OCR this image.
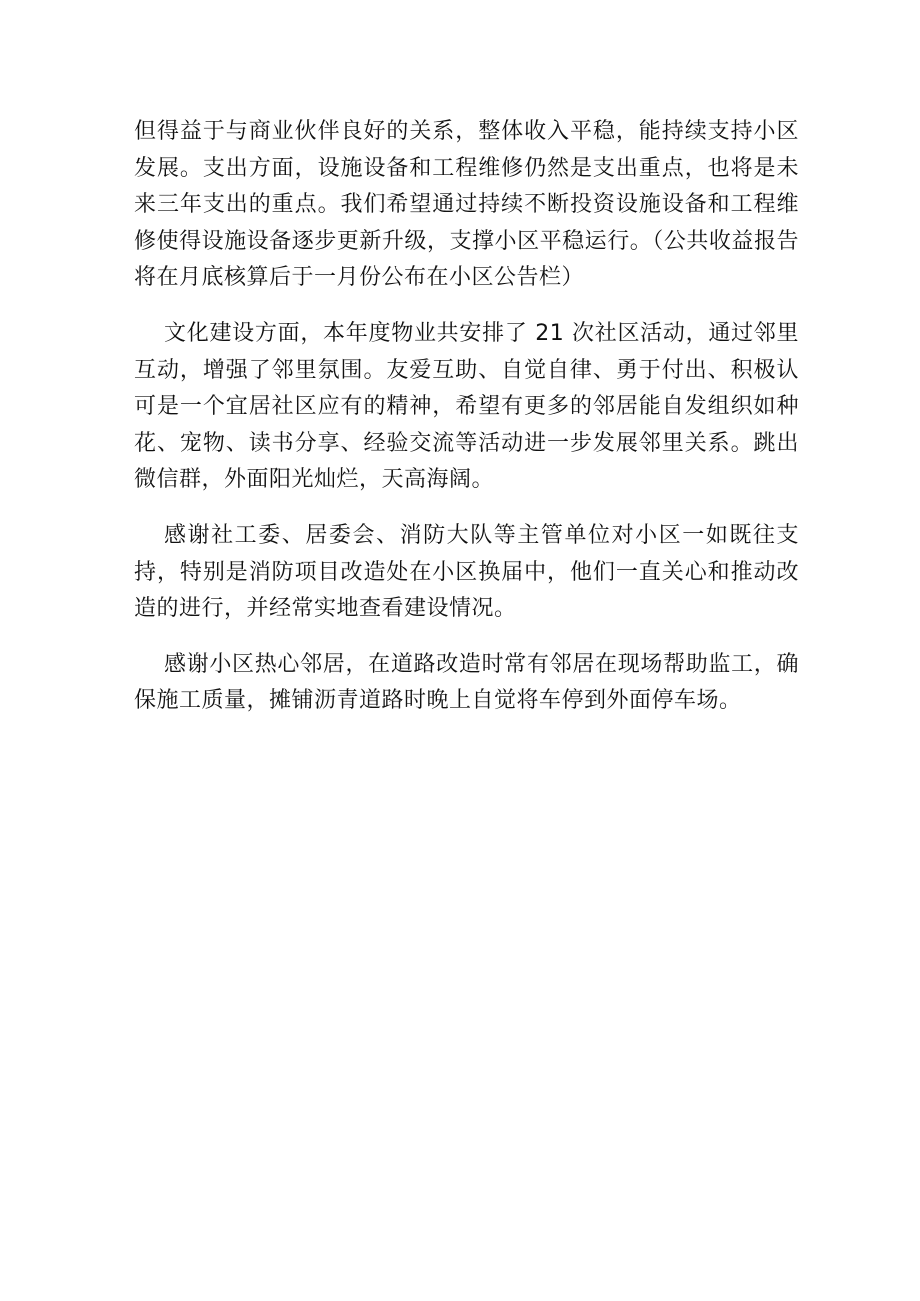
但得益于与商业伙伴良好的关系，整体收入平稳，能持续支持小区发展。支出方面，设施设备和工程维修仍然是支出重点，也将是未来三年支出的重点。我们希望通过持续不断投资设施设备和工程维修使得设施设备逐步更新升级，支撑小区平稳运行。（公共收益报告将在月底核算后于一月份公布在小区公告栏）

文化建设方面，本年度物业共安排了 21 次社区活动，通过邻里互动，增强了邻里氛围。友爱互助、自觉自律、勇于付出、积极认可是一个宜居社区应有的精神，希望有更多的邻居能自发组织如种花、宠物、读书分享、经验交流等活动进一步发展邻里关系。跳出微信群，外面阳光灿烂，天高海阔。

感谢社工委、居委会、消防大队等主管单位对小区一如既往支持，特别是消防项目改造处在小区换届中，他们一直关心和推动改造的进行，并经常实地查看建设情况。

感谢小区热心邻居，在道路改造时常有邻居在现场帮助监工，确保施工质量，摊铺沥青道路时晚上自觉将车停到外面停车场。
